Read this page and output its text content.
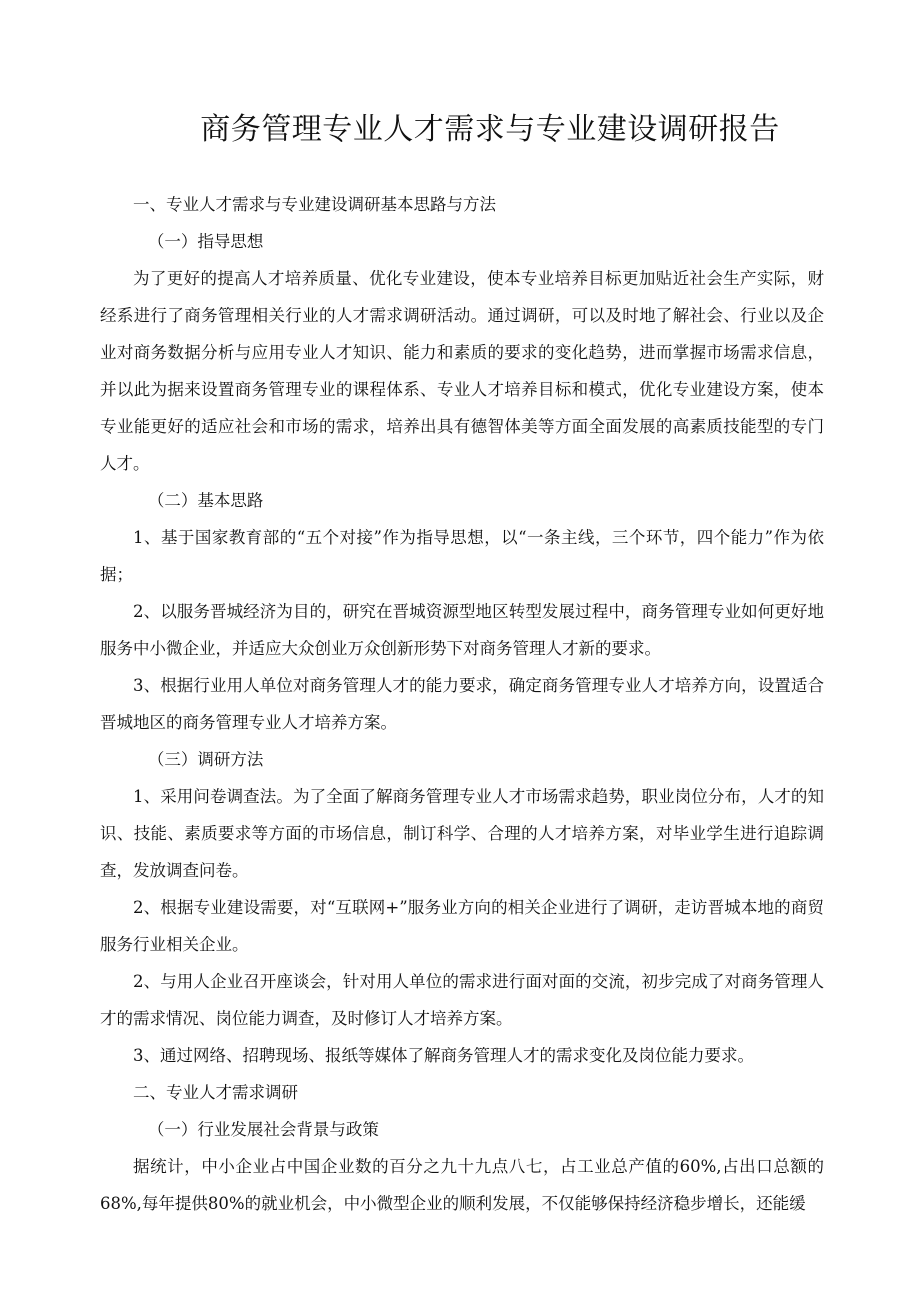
商务管理专业人才需求与专业建设调研报告

一、专业人才需求与专业建设调研基本思路与方法

（一）指导思想

为了更好的提高人才培养质量、优化专业建设，使本专业培养目标更加贴近社会生产实际，财经系进行了商务管理相关行业的人才需求调研活动。通过调研，可以及时地了解社会、行业以及企业对商务数据分析与应用专业人才知识、能力和素质的要求的变化趋势，进而掌握市场需求信息，并以此为据来设置商务管理专业的课程体系、专业人才培养目标和模式，优化专业建设方案，使本专业能更好的适应社会和市场的需求，培养出具有德智体美等方面全面发展的高素质技能型的专门人才。

（二）基本思路

1、基于国家教育部的“五个对接”作为指导思想，以“一条主线，三个环节，四个能力”作为依据；

2、以服务晋城经济为目的，研究在晋城资源型地区转型发展过程中，商务管理专业如何更好地服务中小微企业，并适应大众创业万众创新形势下对商务管理人才新的要求。

3、根据行业用人单位对商务管理人才的能力要求，确定商务管理专业人才培养方向，设置适合晋城地区的商务管理专业人才培养方案。

（三）调研方法

1、采用问卷调查法。为了全面了解商务管理专业人才市场需求趋势，职业岗位分布，人才的知识、技能、素质要求等方面的市场信息，制订科学、合理的人才培养方案，对毕业学生进行追踪调查，发放调查问卷。

2、根据专业建设需要，对“互联网+”服务业方向的相关企业进行了调研，走访晋城本地的商贸服务行业相关企业。

2、与用人企业召开座谈会，针对用人单位的需求进行面对面的交流，初步完成了对商务管理人才的需求情况、岗位能力调查，及时修订人才培养方案。

3、通过网络、招聘现场、报纸等媒体了解商务管理人才的需求变化及岗位能力要求。

二、专业人才需求调研

（一）行业发展社会背景与政策

据统计，中小企业占中国企业数的百分之九十九点八七，占工业总产值的60%,占出口总额的68%,每年提供80%的就业机会，中小微型企业的顺利发展，不仅能够保持经济稳步增长，还能缓
